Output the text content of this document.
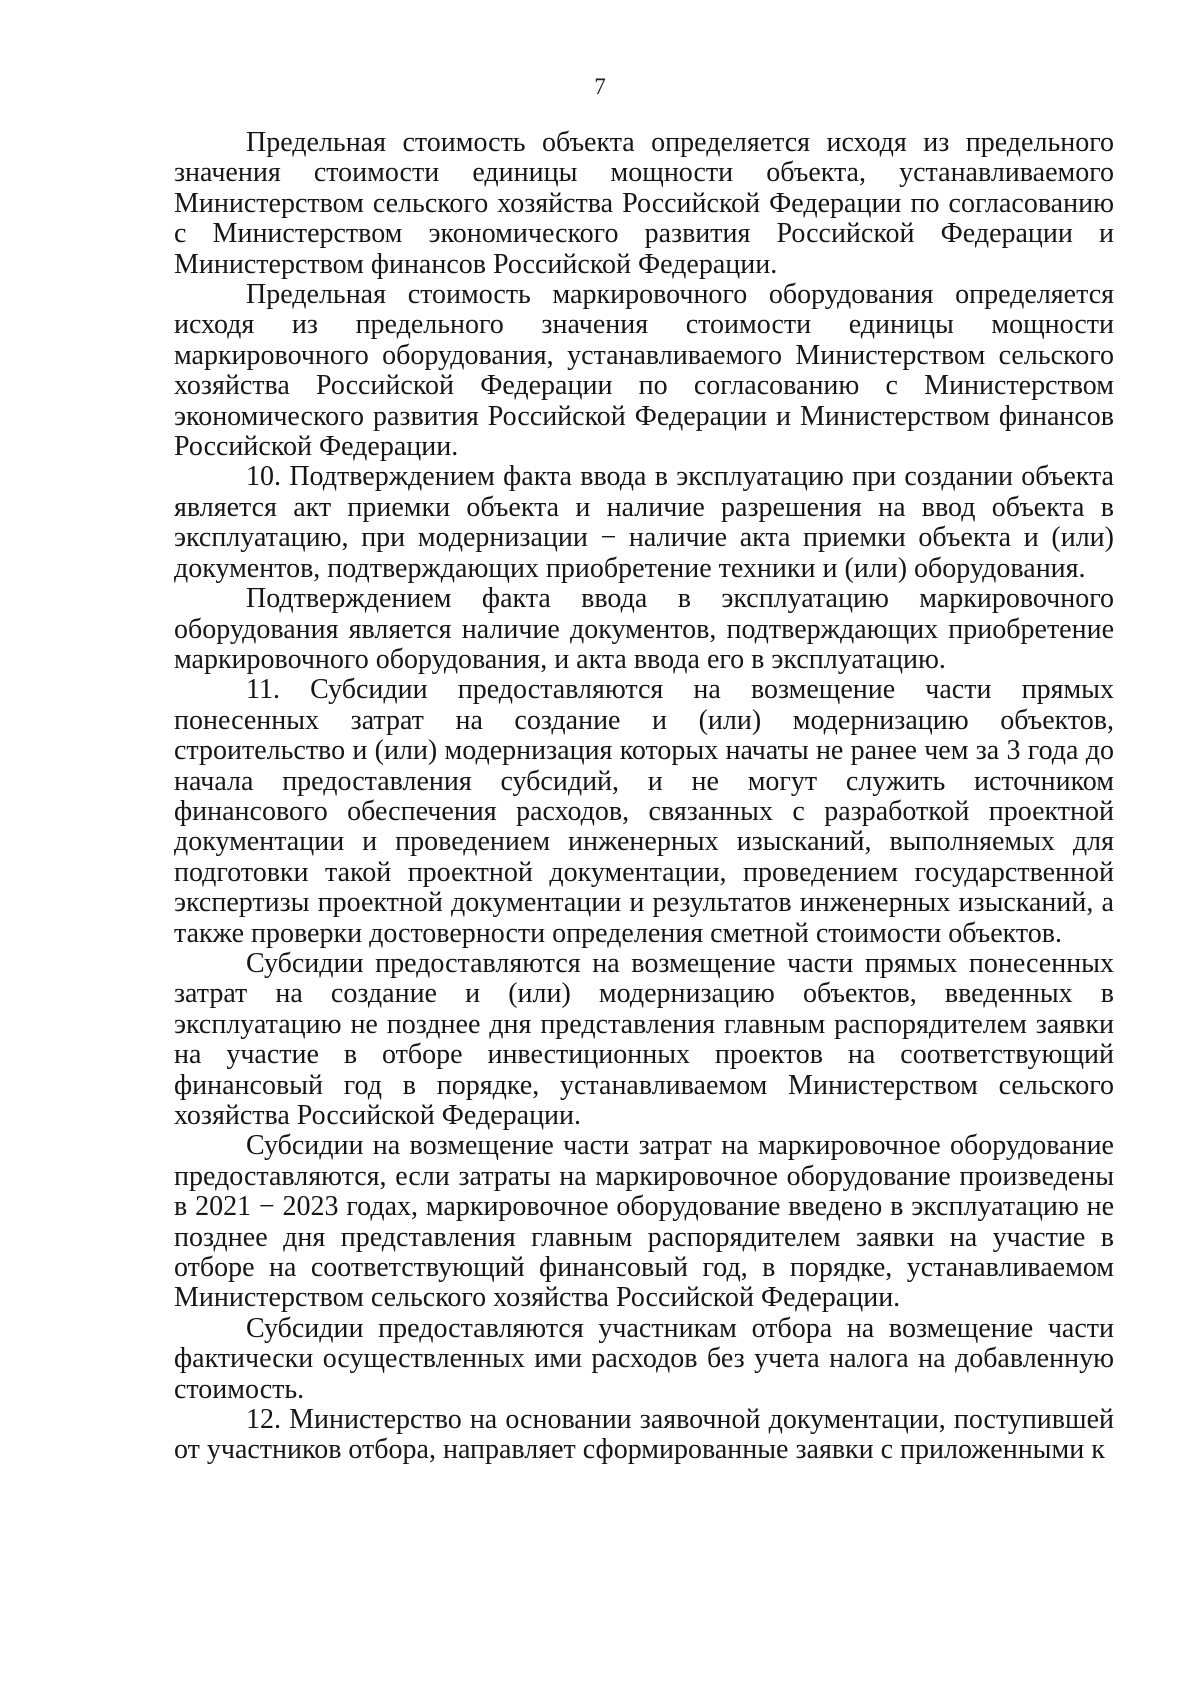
7

Предельная стоимость объекта определяется исходя из предельного значения стоимости единицы мощности объекта, устанавливаемого Министерством сельского хозяйства Российской Федерации по согласованию с Министерством экономического развития Российской Федерации и Министерством финансов Российской Федерации.

Предельная стоимость маркировочного оборудования определяется исходя из предельного значения стоимости единицы мощности маркировочного оборудования, устанавливаемого Министерством сельского хозяйства Российской Федерации по согласованию с Министерством экономического развития Российской Федерации и Министерством финансов Российской Федерации.

10. Подтверждением факта ввода в эксплуатацию при создании объекта является акт приемки объекта и наличие разрешения на ввод объекта в эксплуатацию, при модернизации − наличие акта приемки объекта и (или) документов, подтверждающих приобретение техники и (или) оборудования.

Подтверждением факта ввода в эксплуатацию маркировочного оборудования является наличие документов, подтверждающих приобретение маркировочного оборудования, и акта ввода его в эксплуатацию.

11. Субсидии предоставляются на возмещение части прямых понесенных затрат на создание и (или) модернизацию объектов, строительство и (или) модернизация которых начаты не ранее чем за 3 года до начала предоставления субсидий, и не могут служить источником финансового обеспечения расходов, связанных с разработкой проектной документации и проведением инженерных изысканий, выполняемых для подготовки такой проектной документации, проведением государственной экспертизы проектной документации и результатов инженерных изысканий, а также проверки достоверности определения сметной стоимости объектов.

Субсидии предоставляются на возмещение части прямых понесенных затрат на создание и (или) модернизацию объектов, введенных в эксплуатацию не позднее дня представления главным распорядителем заявки на участие в отборе инвестиционных проектов на соответствующий финансовый год в порядке, устанавливаемом Министерством сельского хозяйства Российской Федерации.

Субсидии на возмещение части затрат на маркировочное оборудование предоставляются, если затраты на маркировочное оборудование произведены в 2021 − 2023 годах, маркировочное оборудование введено в эксплуатацию не позднее дня представления главным распорядителем заявки на участие в отборе на соответствующий финансовый год, в порядке, устанавливаемом Министерством сельского хозяйства Российской Федерации.

Субсидии предоставляются участникам отбора на возмещение части фактически осуществленных ими расходов без учета налога на добавленную стоимость.

12. Министерство на основании заявочной документации, поступившей от участников отбора, направляет сформированные заявки с приложенными к
